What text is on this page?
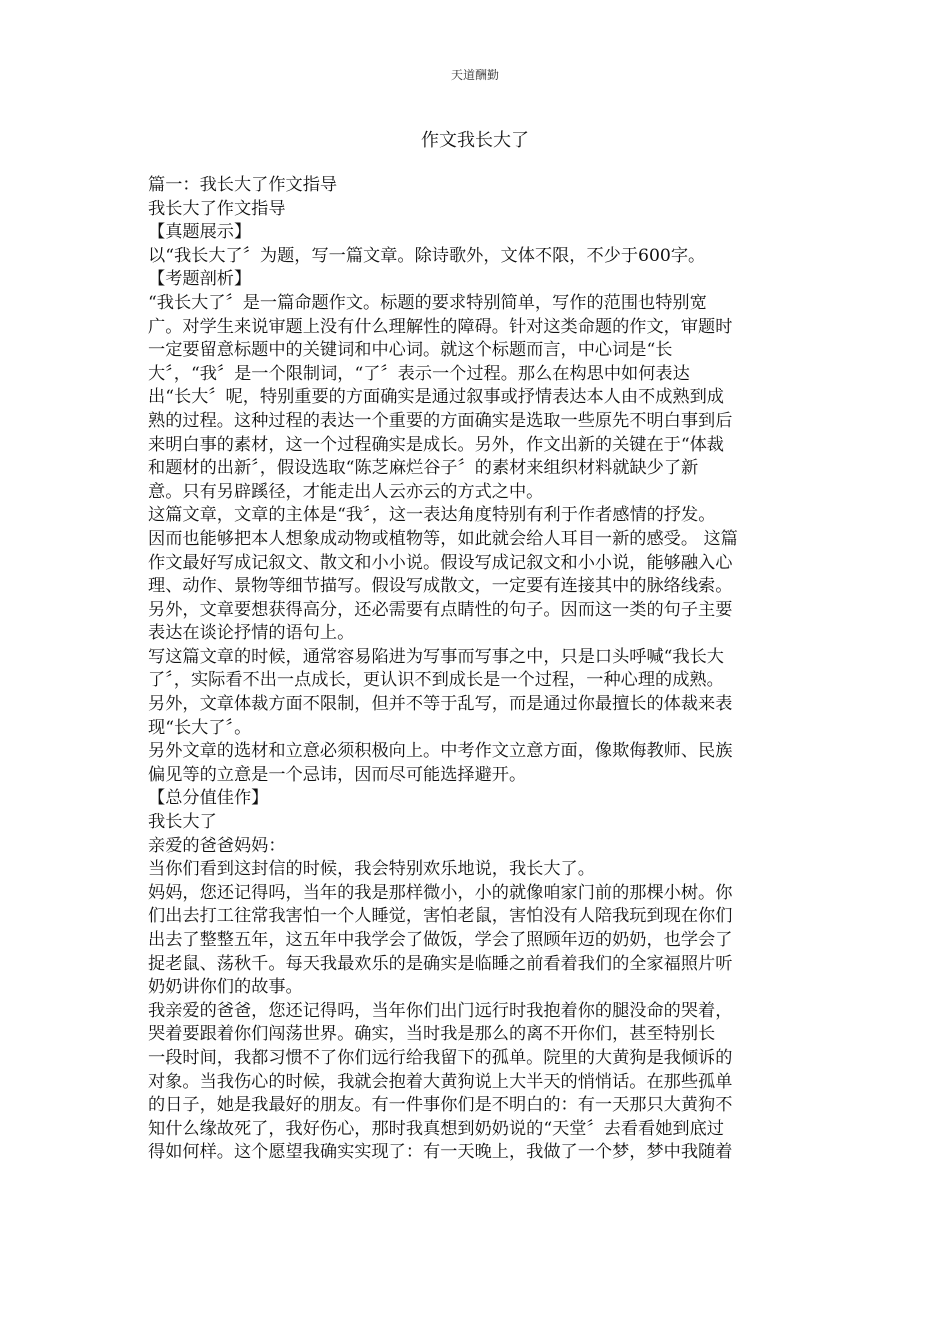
天道酬勤
作文我长大了
篇一：我长大了作文指导
我长大了作文指导
【真题展示】
以“我长大了〞为题，写一篇文章。除诗歌外，文体不限，不少于600字。
【考题剖析】
“我长大了〞是一篇命题作文。标题的要求特别简单，写作的范围也特别宽
广。对学生来说审题上没有什么理解性的障碍。针对这类命题的作文，审题时
一定要留意标题中的关键词和中心词。就这个标题而言，中心词是“长
大〞，“我〞是一个限制词，“了〞表示一个过程。那么在构思中如何表达
出“长大〞呢，特别重要的方面确实是通过叙事或抒情表达本人由不成熟到成
熟的过程。这种过程的表达一个重要的方面确实是选取一些原先不明白事到后
来明白事的素材，这一个过程确实是成长。另外，作文出新的关键在于“体裁
和题材的出新〞，假设选取“陈芝麻烂谷子〞的素材来组织材料就缺少了新
意。只有另辟蹊径，才能走出人云亦云的方式之中。
这篇文章，文章的主体是“我〞，这一表达角度特别有利于作者感情的抒发。
因而也能够把本人想象成动物或植物等，如此就会给人耳目一新的感受。 这篇
作文最好写成记叙文、散文和小小说。假设写成记叙文和小小说，能够融入心
理、动作、景物等细节描写。假设写成散文，一定要有连接其中的脉络线索。
另外，文章要想获得高分，还必需要有点睛性的句子。因而这一类的句子主要
表达在谈论抒情的语句上。
写这篇文章的时候，通常容易陷进为写事而写事之中，只是口头呼喊“我长大
了〞，实际看不出一点成长，更认识不到成长是一个过程，一种心理的成熟。
另外，文章体裁方面不限制，但并不等于乱写，而是通过你最擅长的体裁来表
现“长大了〞。
另外文章的选材和立意必须积极向上。中考作文立意方面，像欺侮教师、民族
偏见等的立意是一个忌讳，因而尽可能选择避开。
【总分值佳作】
我长大了
亲爱的爸爸妈妈：
当你们看到这封信的时候，我会特别欢乐地说，我长大了。
妈妈，您还记得吗，当年的我是那样微小，小的就像咱家门前的那棵小树。你
们出去打工往常我害怕一个人睡觉，害怕老鼠，害怕没有人陪我玩到现在你们
出去了整整五年，这五年中我学会了做饭，学会了照顾年迈的奶奶，也学会了
捉老鼠、荡秋千。每天我最欢乐的是确实是临睡之前看着我们的全家福照片听
奶奶讲你们的故事。
我亲爱的爸爸，您还记得吗，当年你们出门远行时我抱着你的腿没命的哭着，
哭着要跟着你们闯荡世界。确实，当时我是那么的离不开你们，甚至特别长
一段时间，我都习惯不了你们远行给我留下的孤单。院里的大黄狗是我倾诉的
对象。当我伤心的时候，我就会抱着大黄狗说上大半天的悄悄话。在那些孤单
的日子，她是我最好的朋友。有一件事你们是不明白的：有一天那只大黄狗不
知什么缘故死了，我好伤心，那时我真想到奶奶说的“天堂〞去看看她到底过
得如何样。这个愿望我确实实现了：有一天晚上，我做了一个梦，梦中我随着
